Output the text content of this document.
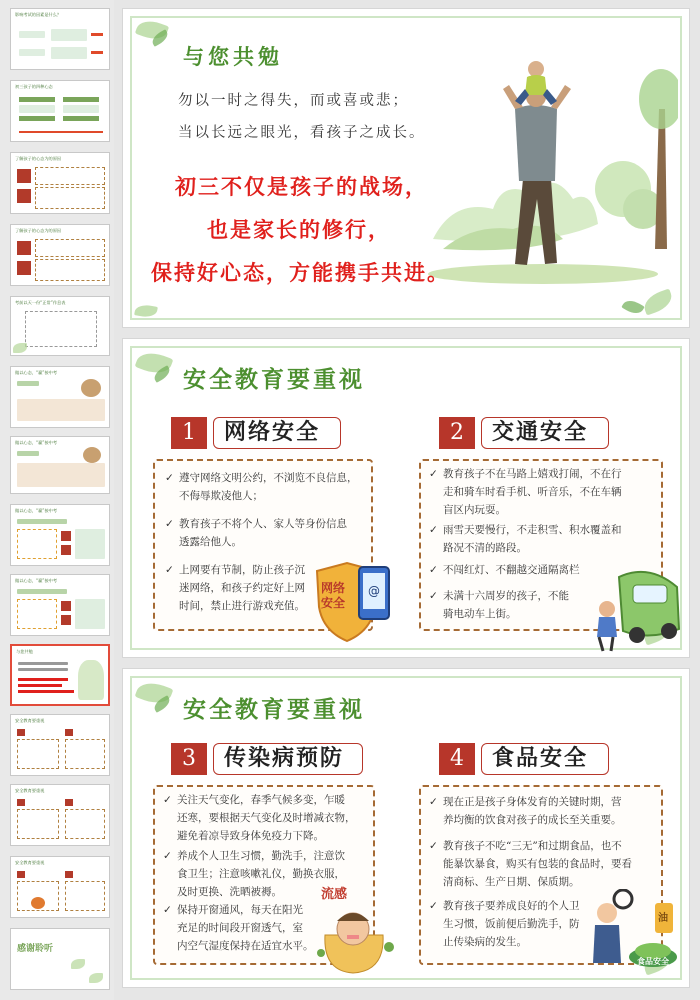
影响考试的因素是什么？
初三孩子的四种心态
了解孩子的心态为的原因
了解孩子的心态为的原因
考前以天一份“正常”作息表
做以心态，“赢”接中考
做以心态，“赢”接中考
做以心态，“赢”接中考
做以心态，“赢”接中考
与您共勉
安全教育要重视
安全教育要重视
安全教育要重视
感谢聆听
与您共勉
勿以一时之得失，而或喜或悲；
当以长远之眼光，看孩子之成长。
初三不仅是孩子的战场，
也是家长的修行，
保持好心态，方能携手共进。
安全教育要重视
1	网络安全
✓ 遵守网络文明公约，不浏览不良信息，
不侮辱欺凌他人；
✓ 教育孩子不将个人、家人等身份信息
透露给他人。
✓ 上网要有节制，防止孩子沉
迷网络，和孩子约定好上网
时间，禁止进行游戏充值。
@
网络
安全
2	交通安全
✓ 教育孩子不在马路上嬉戏打闹，不在行
走和骑车时看手机、听音乐，不在车辆
盲区内玩耍。
✓ 雨雪天要慢行，不走积雪、积水覆盖和
路况不清的路段。
✓ 不闯红灯、不翻越交通隔离栏
✓ 未满十六周岁的孩子，不能
骑电动车上街。
安全教育要重视
3	传染病预防
✓ 关注天气变化，春季气候多变，乍暖
还寒，要根据天气变化及时增减衣物，
避免着凉导致身体免疫力下降。
✓ 养成个人卫生习惯，勤洗手，注意饮
食卫生；注意咳嗽礼仪，勤换衣服，
及时更换、洗晒被褥。
✓ 保持开窗通风，每天在阳光
充足的时间段开窗透气，室
内空气湿度保持在适宜水平。
流感
4	食品安全
✓ 现在正是孩子身体发育的关键时期，营
养均衡的饮食对孩子的成长至关重要。
✓ 教育孩子不吃“三无”和过期食品，也不
能暴饮暴食，购买有包装的食品时，要看
清商标、生产日期、保质期。
✓ 教育孩子要养成良好的个人卫
生习惯，饭前便后勤洗手，防
止传染病的发生。
油
食品安全
